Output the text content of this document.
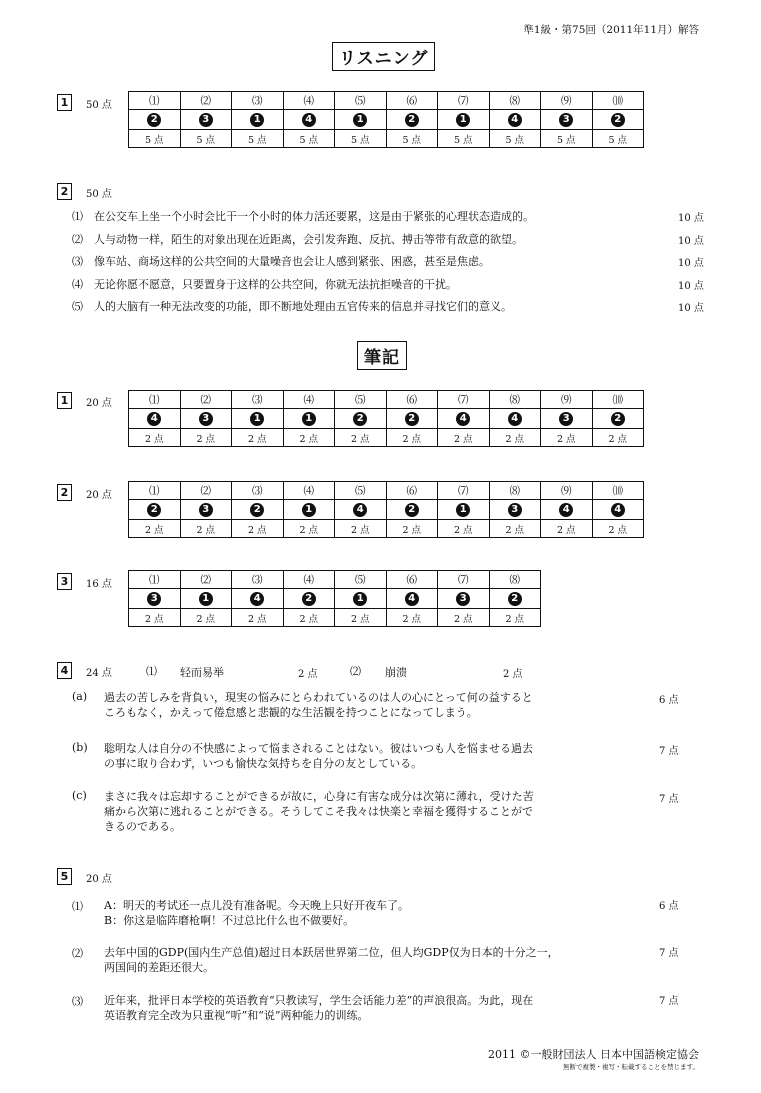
準1級・第75回（2011年11月）解答
リスニング
1	50 点	⑴	⑵	⑶	⑷	⑸	⑹	⑺	⑻	⑼	⑽
2	3	1	4	1	2	1	4	3	2
5 点	5 点	5 点	5 点	5 点	5 点	5 点	5 点	5 点	5 点
2	50 点
⑴ 在公交车上坐一个小时会比干一个小时的体力活还要累，这是由于紧张的心理状态造成的。	10 点
⑵ 人与动物一样，陌生的对象出现在近距离，会引发奔跑、反抗、搏击等带有敌意的欲望。	10 点
⑶ 像车站、商场这样的公共空间的大量噪音也会让人感到紧张、困惑，甚至是焦虑。	10 点
⑷ 无论你愿不愿意，只要置身于这样的公共空间，你就无法抗拒噪音的干扰。	10 点
⑸ 人的大脑有一种无法改变的功能，即不断地处理由五官传来的信息并寻找它们的意义。	10 点
筆記
1	20 点	⑴	⑵	⑶	⑷	⑸	⑹	⑺	⑻	⑼	⑽
4	3	1	1	2	2	4	4	3	2
2 点	2 点	2 点	2 点	2 点	2 点	2 点	2 点	2 点	2 点
2	20 点	⑴	⑵	⑶	⑷	⑸	⑹	⑺	⑻	⑼	⑽
2	3	2	1	4	2	1	3	4	4
2 点	2 点	2 点	2 点	2 点	2 点	2 点	2 点	2 点	2 点
3	16 点	⑴	⑵	⑶	⑷	⑸	⑹	⑺	⑻
3	1	4	2	1	4	3	2
2 点	2 点	2 点	2 点	2 点	2 点	2 点	2 点
4	24 点	⑴ 轻而易举	2 点	⑵ 崩溃	2 点
(a) 過去の苦しみを背負い，現実の悩みにとらわれているのは人の心にとって何の益すると
ころもなく，かえって倦怠感と悲観的な生活観を持つことになってしまう。
6 点
(b) 聡明な人は自分の不快感によって悩まされることはない。彼はいつも人を悩ませる過去
の事に取り合わず，いつも愉快な気持ちを自分の友としている。
7 点
(c) まさに我々は忘却することができるが故に，心身に有害な成分は次第に薄れ，受けた苦
痛から次第に逃れることができる。そうしてこそ我々は快楽と幸福を獲得することがで
きるのである。
7 点
5	20 点
⑴ A：明天的考试还一点儿没有准备呢。今天晚上只好开夜车了。
B：你这是临阵磨枪啊！不过总比什么也不做要好。
6 点
⑵ 去年中国的GDP(国内生产总值)超过日本跃居世界第二位，但人均GDP仅为日本的十分之一，
两国间的差距还很大。
7 点
⑶ 近年来，批评日本学校的英语教育“只教读写，学生会话能力差”的声浪很高。为此，现在
英语教育完全改为只重视“听”和“说”两种能力的训练。
7 点
2011 ©一般財団法人 日本中国語検定協会
無断で複製・複写・転載することを禁じます。
